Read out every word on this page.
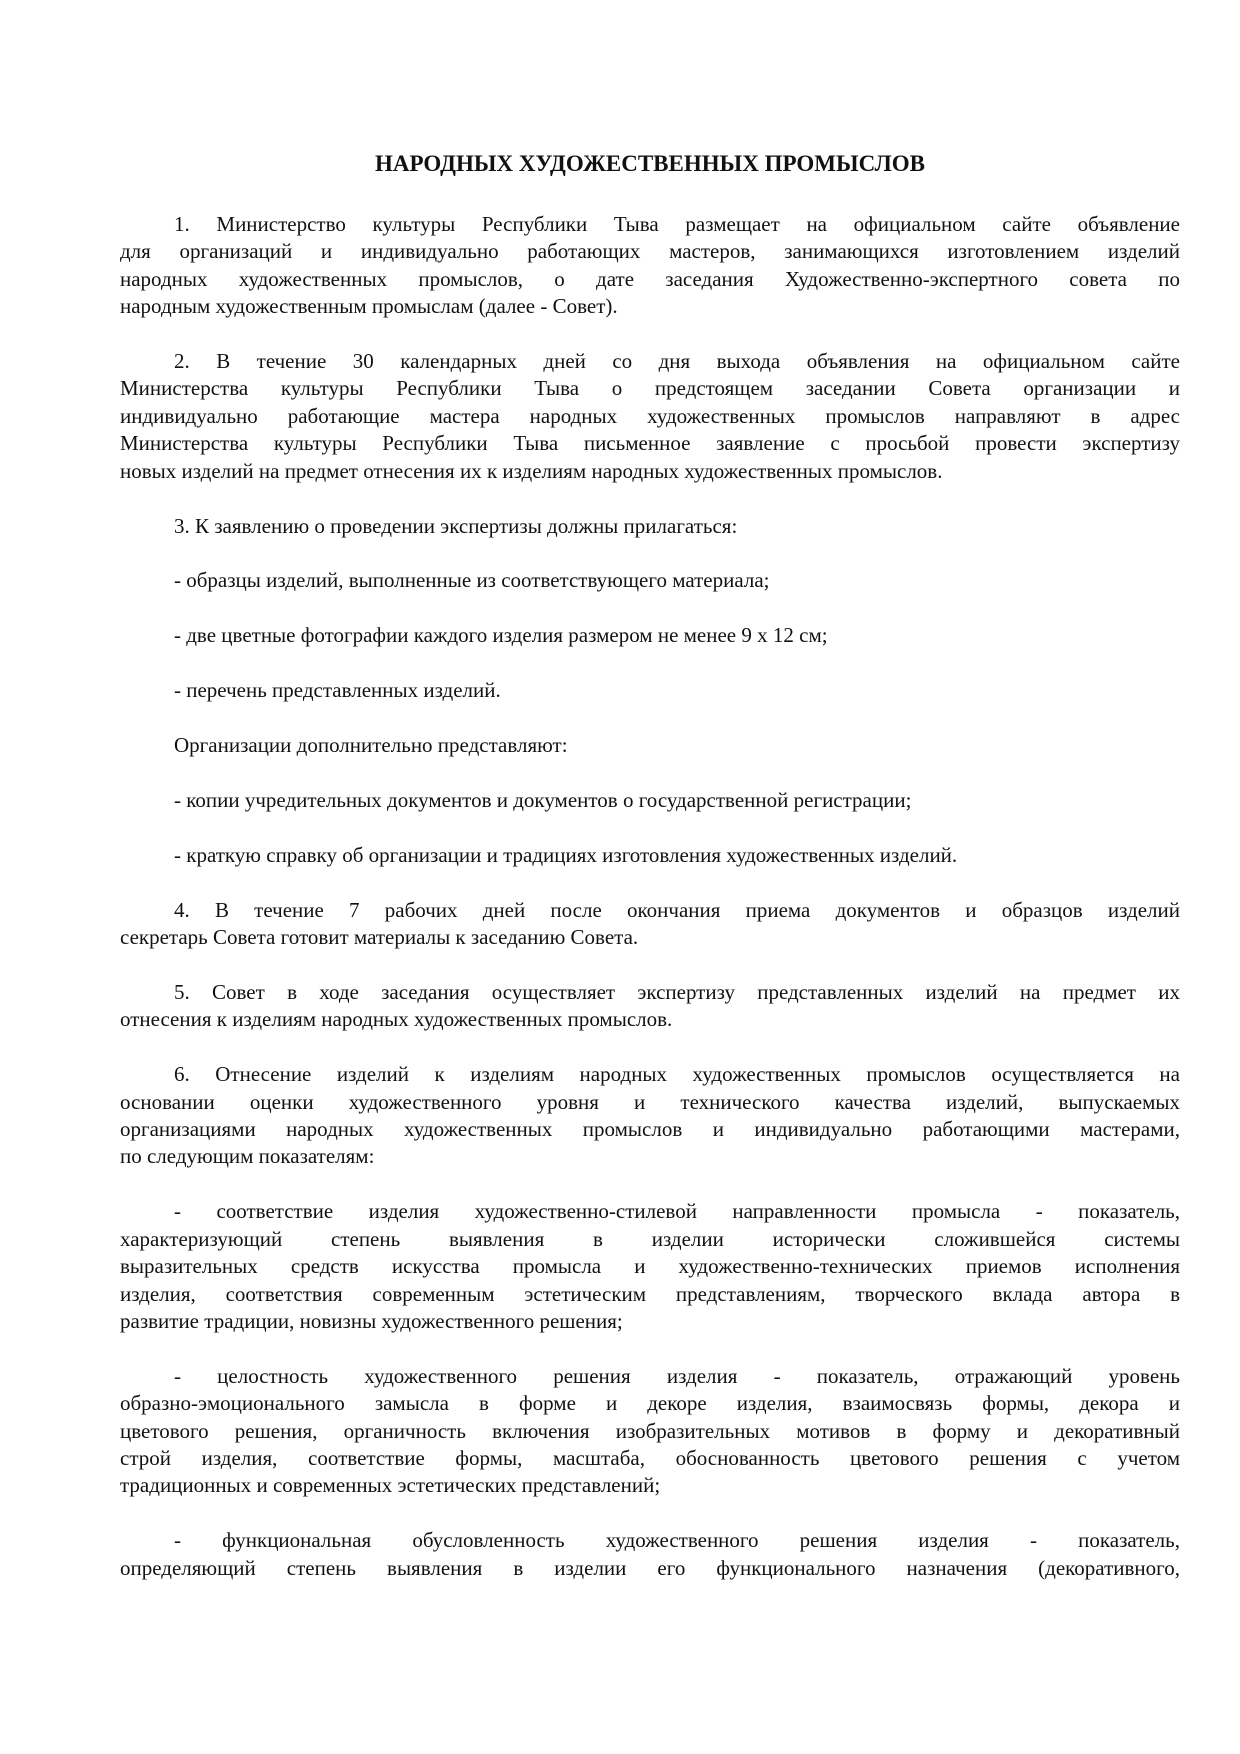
НАРОДНЫХ ХУДОЖЕСТВЕННЫХ ПРОМЫСЛОВ
1. Министерство культуры Республики Тыва размещает на официальном сайте объявление
для организаций и индивидуально работающих мастеров, занимающихся изготовлением изделий
народных художественных промыслов, о дате заседания Художественно-экспертного совета по
народным художественным промыслам (далее - Совет).
2. В течение 30 календарных дней со дня выхода объявления на официальном сайте
Министерства культуры Республики Тыва о предстоящем заседании Совета организации и
индивидуально работающие мастера народных художественных промыслов направляют в адрес
Министерства культуры Республики Тыва письменное заявление с просьбой провести экспертизу
новых изделий на предмет отнесения их к изделиям народных художественных промыслов.
3. К заявлению о проведении экспертизы должны прилагаться:
- образцы изделий, выполненные из соответствующего материала;
- две цветные фотографии каждого изделия размером не менее 9 х 12 см;
- перечень представленных изделий.
Организации дополнительно представляют:
- копии учредительных документов и документов о государственной регистрации;
- краткую справку об организации и традициях изготовления художественных изделий.
4. В течение 7 рабочих дней после окончания приема документов и образцов изделий
секретарь Совета готовит материалы к заседанию Совета.
5. Совет в ходе заседания осуществляет экспертизу представленных изделий на предмет их
отнесения к изделиям народных художественных промыслов.
6. Отнесение изделий к изделиям народных художественных промыслов осуществляется на
основании оценки художественного уровня и технического качества изделий, выпускаемых
организациями народных художественных промыслов и индивидуально работающими мастерами,
по следующим показателям:
- соответствие изделия художественно-стилевой направленности промысла - показатель,
характеризующий степень выявления в изделии исторически сложившейся системы
выразительных средств искусства промысла и художественно-технических приемов исполнения
изделия, соответствия современным эстетическим представлениям, творческого вклада автора в
развитие традиции, новизны художественного решения;
- целостность художественного решения изделия - показатель, отражающий уровень
образно-эмоционального замысла в форме и декоре изделия, взаимосвязь формы, декора и
цветового решения, органичность включения изобразительных мотивов в форму и декоративный
строй изделия, соответствие формы, масштаба, обоснованность цветового решения с учетом
традиционных и современных эстетических представлений;
- функциональная обусловленность художественного решения изделия - показатель,
определяющий степень выявления в изделии его функционального назначения (декоративного,
